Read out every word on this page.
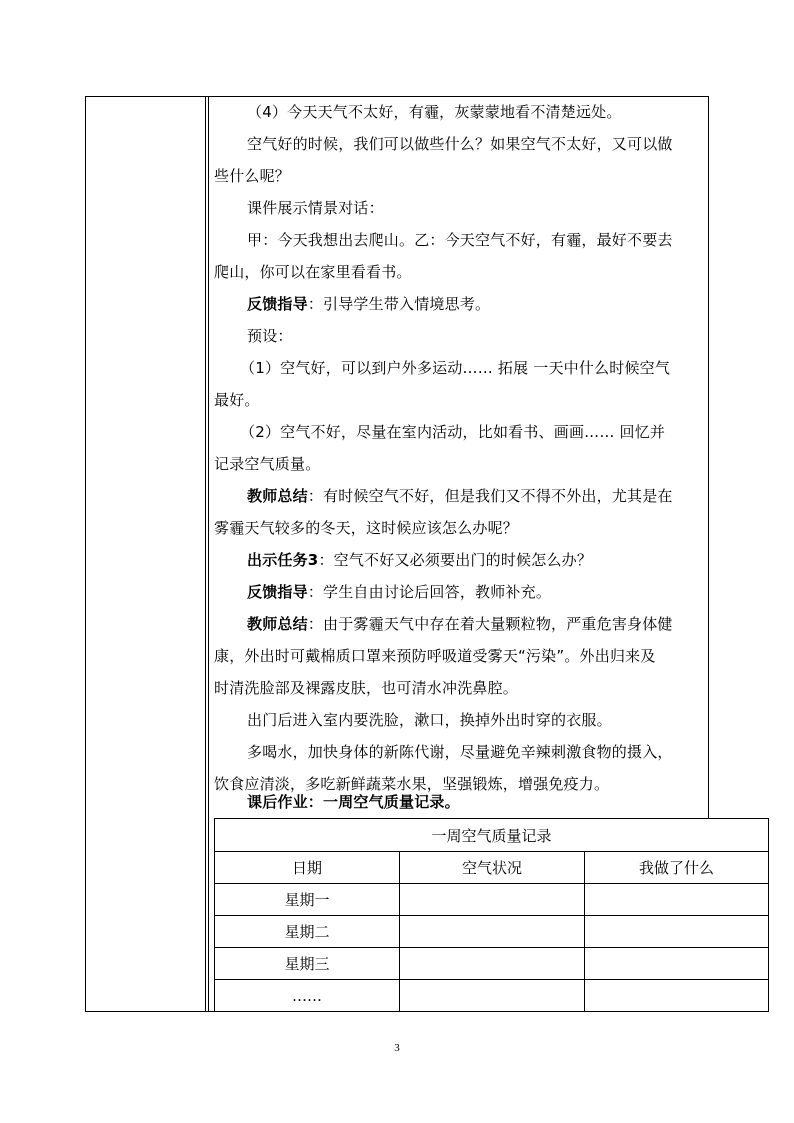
（4）今天天气不太好，有霾，灰蒙蒙地看不清楚远处。
空气好的时候，我们可以做些什么？如果空气不太好，又可以做
些什么呢？
课件展示情景对话：
甲：今天我想出去爬山。乙：今天空气不好，有霾，最好不要去
爬山，你可以在家里看看书。
反馈指导：引导学生带入情境思考。
预设：
（1）空气好，可以到户外多运动…… 拓展 一天中什么时候空气
最好。
（2）空气不好，尽量在室内活动，比如看书、画画…… 回忆并
记录空气质量。
教师总结：有时候空气不好，但是我们又不得不外出，尤其是在
雾霾天气较多的冬天，这时候应该怎么办呢？
出示任务3：空气不好又必须要出门的时候怎么办？
反馈指导：学生自由讨论后回答，教师补充。
教师总结：由于雾霾天气中存在着大量颗粒物，严重危害身体健
康，外出时可戴棉质口罩来预防呼吸道受雾天“污染”。外出归来及
时清洗脸部及裸露皮肤，也可清水冲洗鼻腔。
出门后进入室内要洗脸，漱口，换掉外出时穿的衣服。
多喝水，加快身体的新陈代谢，尽量避免辛辣刺激食物的摄入，
饮食应清淡，多吃新鲜蔬菜水果，坚强锻炼，增强免疫力。
课后作业：一周空气质量记录。
一周空气质量记录		
日期	空气状况	我做了什么
星期一		
星期二		
星期三		
……		
3
